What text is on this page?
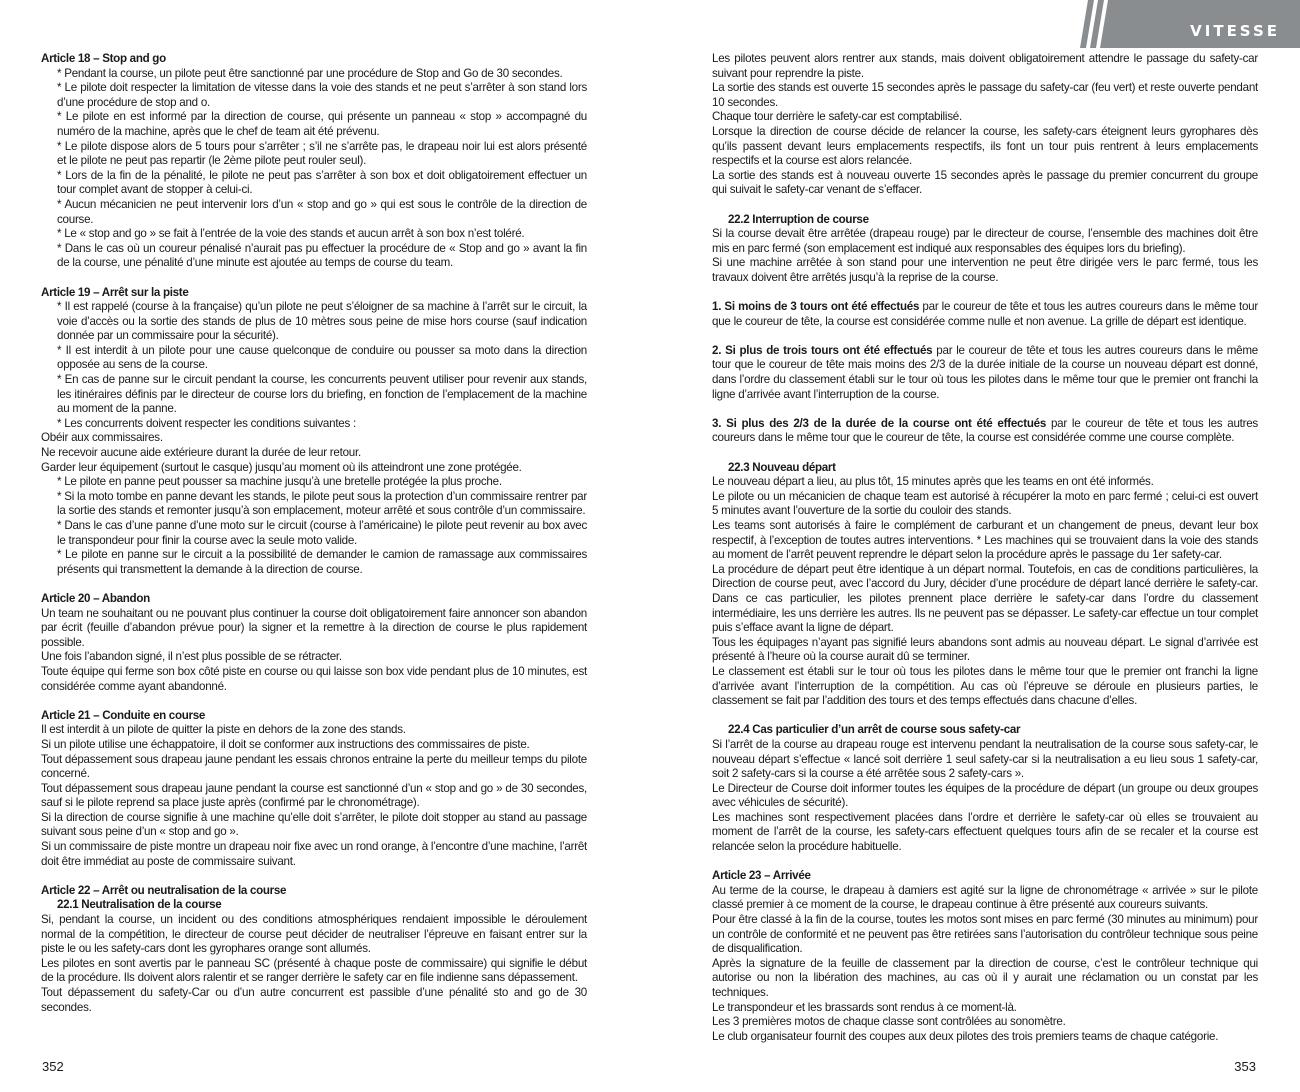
Article 18 – Stop and go

* Pendant la course, un pilote peut être sanctionné par une procédure de Stop and Go de 30 secondes.

* Le pilote doit respecter la limitation de vitesse dans la voie des stands et ne peut s’arrêter à son stand lors d’une procédure de stop and o.

* Le pilote en est informé par la direction de course, qui présente un panneau « stop » accompagné du numéro de la machine, après que le chef de team ait été prévenu.

* Le pilote dispose alors de 5 tours pour s’arrêter ; s’il ne s’arrête pas, le drapeau noir lui est alors présenté et le pilote ne peut pas repartir (le 2ème pilote peut rouler seul).

* Lors de la fin de la pénalité, le pilote ne peut pas s’arrêter à son box et doit obligatoirement effectuer un tour complet avant de stopper à celui-ci.

* Aucun mécanicien ne peut intervenir lors d’un « stop and go » qui est sous le contrôle de la direction de course.

* Le « stop and go » se fait à l’entrée de la voie des stands et aucun arrêt à son box n’est toléré.

* Dans le cas où un coureur pénalisé n’aurait pas pu effectuer la procédure de « Stop and go » avant la fin de la course, une pénalité d’une minute est ajoutée au temps de course du team.

Article 19 – Arrêt sur la piste

* Il est rappelé (course à la française) qu’un pilote ne peut s’éloigner de sa machine à l’arrêt sur le circuit, la voie d’accès ou la sortie des stands de plus de 10 mètres sous peine de mise hors course (sauf indication donnée par un commissaire pour la sécurité).

* Il est interdit à un pilote pour une cause quelconque de conduire ou pousser sa moto dans la direction opposée au sens de la course.

* En cas de panne sur le circuit pendant la course, les concurrents peuvent utiliser pour revenir aux stands, les itinéraires définis par le directeur de course lors du briefing, en fonction de l’emplacement de la machine au moment de la panne.

* Les concurrents doivent respecter les conditions suivantes :

Obéir aux commissaires.

Ne recevoir aucune aide extérieure durant la durée de leur retour.

Garder leur équipement (surtout le casque) jusqu’au moment où ils atteindront une zone protégée.

* Le pilote en panne peut pousser sa machine jusqu’à une bretelle protégée la plus proche.

* Si la moto tombe en panne devant les stands, le pilote peut sous la protection d’un commissaire rentrer par la sortie des stands et remonter jusqu’à son emplacement, moteur arrêté et sous contrôle d’un commissaire.

* Dans le cas d’une panne d’une moto sur le circuit (course à l’américaine) le pilote peut revenir au box avec le transpondeur pour finir la course avec la seule moto valide.

* Le pilote en panne sur le circuit a la possibilité de demander le camion de ramassage aux commissaires présents qui transmettent la demande à la direction de course.

Article 20 – Abandon

Un team ne souhaitant ou ne pouvant plus continuer la course doit obligatoirement faire annoncer son abandon par écrit (feuille d’abandon prévue pour) la signer et la remettre à la direction de course le plus rapidement possible.

Une fois l’abandon signé, il n’est plus possible de se rétracter.

Toute équipe qui ferme son box côté piste en course ou qui laisse son box vide pendant plus de 10 minutes, est considérée comme ayant abandonné.

Article 21 – Conduite en course

Il est interdit à un pilote de quitter la piste en dehors de la zone des stands.

Si un pilote utilise une échappatoire, il doit se conformer aux instructions des commissaires de piste.

Tout dépassement sous drapeau jaune pendant les essais chronos entraine la perte du meilleur temps du pilote concerné.

Tout dépassement sous drapeau jaune pendant la course est sanctionné d’un « stop and go » de 30 secondes, sauf si le pilote reprend sa place juste après (confirmé par le chronométrage).

Si la direction de course signifie à une machine qu’elle doit s’arrêter, le pilote doit stopper au stand au passage suivant sous peine d’un « stop and go ».

Si un commissaire de piste montre un drapeau noir fixe avec un rond orange, à l’encontre d’une machine, l’arrêt doit être immédiat au poste de commissaire suivant.

Article 22 – Arrêt ou neutralisation de la course
22.1 Neutralisation de la course

Si, pendant la course, un incident ou des conditions atmosphériques rendaient impossible le déroulement normal de la compétition, le directeur de course peut décider de neutraliser l’épreuve en faisant entrer sur la piste le ou les safety-cars dont les gyrophares orange sont allumés.

Les pilotes en sont avertis par le panneau SC (présenté à chaque poste de commissaire) qui signifie le début de la procédure. Ils doivent alors ralentir et se ranger derrière le safety car en file indienne sans dépassement.

Tout dépassement du safety-Car ou d’un autre concurrent est passible d’une pénalité sto and go de 30 secondes.

352

Les pilotes peuvent alors rentrer aux stands, mais doivent obligatoirement attendre le passage du safety-car suivant pour reprendre la piste.

La sortie des stands est ouverte 15 secondes après le passage du safety-car (feu vert) et reste ouverte pendant 10 secondes.

Chaque tour derrière le safety-car est comptabilisé.

Lorsque la direction de course décide de relancer la course, les safety-cars éteignent leurs gyrophares dès qu’ils passent devant leurs emplacements respectifs, ils font un tour puis rentrent à leurs emplacements respectifs et la course est alors relancée.

La sortie des stands est à nouveau ouverte 15 secondes après le passage du premier concurrent du groupe qui suivait le safety-car venant de s’effacer.

22.2 Interruption de course

Si la course devait être arrêtée (drapeau rouge) par le directeur de course, l’ensemble des machines doit être mis en parc fermé (son emplacement est indiqué aux responsables des équipes lors du briefing).

Si une machine arrêtée à son stand pour une intervention ne peut être dirigée vers le parc fermé, tous les travaux doivent être arrêtés jusqu’à la reprise de la course.

1. Si moins de 3 tours ont été effectués par le coureur de tête et tous les autres coureurs dans le même tour que le coureur de tête, la course est considérée comme nulle et non avenue. La grille de départ est identique.

2. Si plus de trois tours ont été effectués par le coureur de tête et tous les autres coureurs dans le même tour que le coureur de tête mais moins des 2/3 de la durée initiale de la course un nouveau départ est donné, dans l’ordre du classement établi sur le tour où tous les pilotes dans le même tour que le premier ont franchi la ligne d’arrivée avant l’interruption de la course.

3. Si plus des 2/3 de la durée de la course ont été effectués par le coureur de tête et tous les autres coureurs dans le même tour que le coureur de tête, la course est considérée comme une course complète.

22.3 Nouveau départ

Le nouveau départ a lieu, au plus tôt, 15 minutes après que les teams en ont été informés.

Le pilote ou un mécanicien de chaque team est autorisé à récupérer la moto en parc fermé ; celui-ci est ouvert 5 minutes avant l’ouverture de la sortie du couloir des stands.

Les teams sont autorisés à faire le complément de carburant et un changement de pneus, devant leur box respectif, à l’exception de toutes autres interventions. * Les machines qui se trouvaient dans la voie des stands au moment de l’arrêt peuvent reprendre le départ selon la procédure après le passage du 1er safety-car.

La procédure de départ peut être identique à un départ normal. Toutefois, en cas de conditions particulières, la Direction de course peut, avec l’accord du Jury, décider d’une procédure de départ lancé derrière le safety-car. Dans ce cas particulier, les pilotes prennent place derrière le safety-car dans l’ordre du classement intermédiaire, les uns derrière les autres. Ils ne peuvent pas se dépasser. Le safety-car effectue un tour complet puis s’efface avant la ligne de départ.

Tous les équipages n’ayant pas signifié leurs abandons sont admis au nouveau départ. Le signal d’arrivée est présenté à l’heure où la course aurait dû se terminer.

Le classement est établi sur le tour où tous les pilotes dans le même tour que le premier ont franchi la ligne d’arrivée avant l’interruption de la compétition. Au cas où l’épreuve se déroule en plusieurs parties, le classement se fait par l’addition des tours et des temps effectués dans chacune d’elles.

22.4 Cas particulier d’un arrêt de course sous safety-car

Si l’arrêt de la course au drapeau rouge est intervenu pendant la neutralisation de la course sous safety-car, le nouveau départ s’effectue « lancé soit derrière 1 seul safety-car si la neutralisation a eu lieu sous 1 safety-car, soit 2 safety-cars si la course a été arrêtée sous 2 safety-cars ».

Le Directeur de Course doit informer toutes les équipes de la procédure de départ (un groupe ou deux groupes avec véhicules de sécurité).

Les machines sont respectivement placées dans l’ordre et derrière le safety-car où elles se trouvaient au moment de l’arrêt de la course, les safety-cars effectuent quelques tours afin de se recaler et la course est relancée selon la procédure habituelle.

Article 23 – Arrivée

Au terme de la course, le drapeau à damiers est agité sur la ligne de chronométrage « arrivée » sur le pilote classé premier à ce moment de la course, le drapeau continue à être présenté aux coureurs suivants.

Pour être classé à la fin de la course, toutes les motos sont mises en parc fermé (30 minutes au minimum) pour un contrôle de conformité et ne peuvent pas être retirées sans l’autorisation du contrôleur technique sous peine de disqualification.

Après la signature de la feuille de classement par la direction de course, c’est le contrôleur technique qui autorise ou non la libération des machines, au cas où il y aurait une réclamation ou un constat par les techniques.

Le transpondeur et les brassards sont rendus à ce moment-là.

Les 3 premières motos de chaque classe sont contrôlées au sonomètre.

Le club organisateur fournit des coupes aux deux pilotes des trois premiers teams de chaque catégorie.

353
VITESSE
